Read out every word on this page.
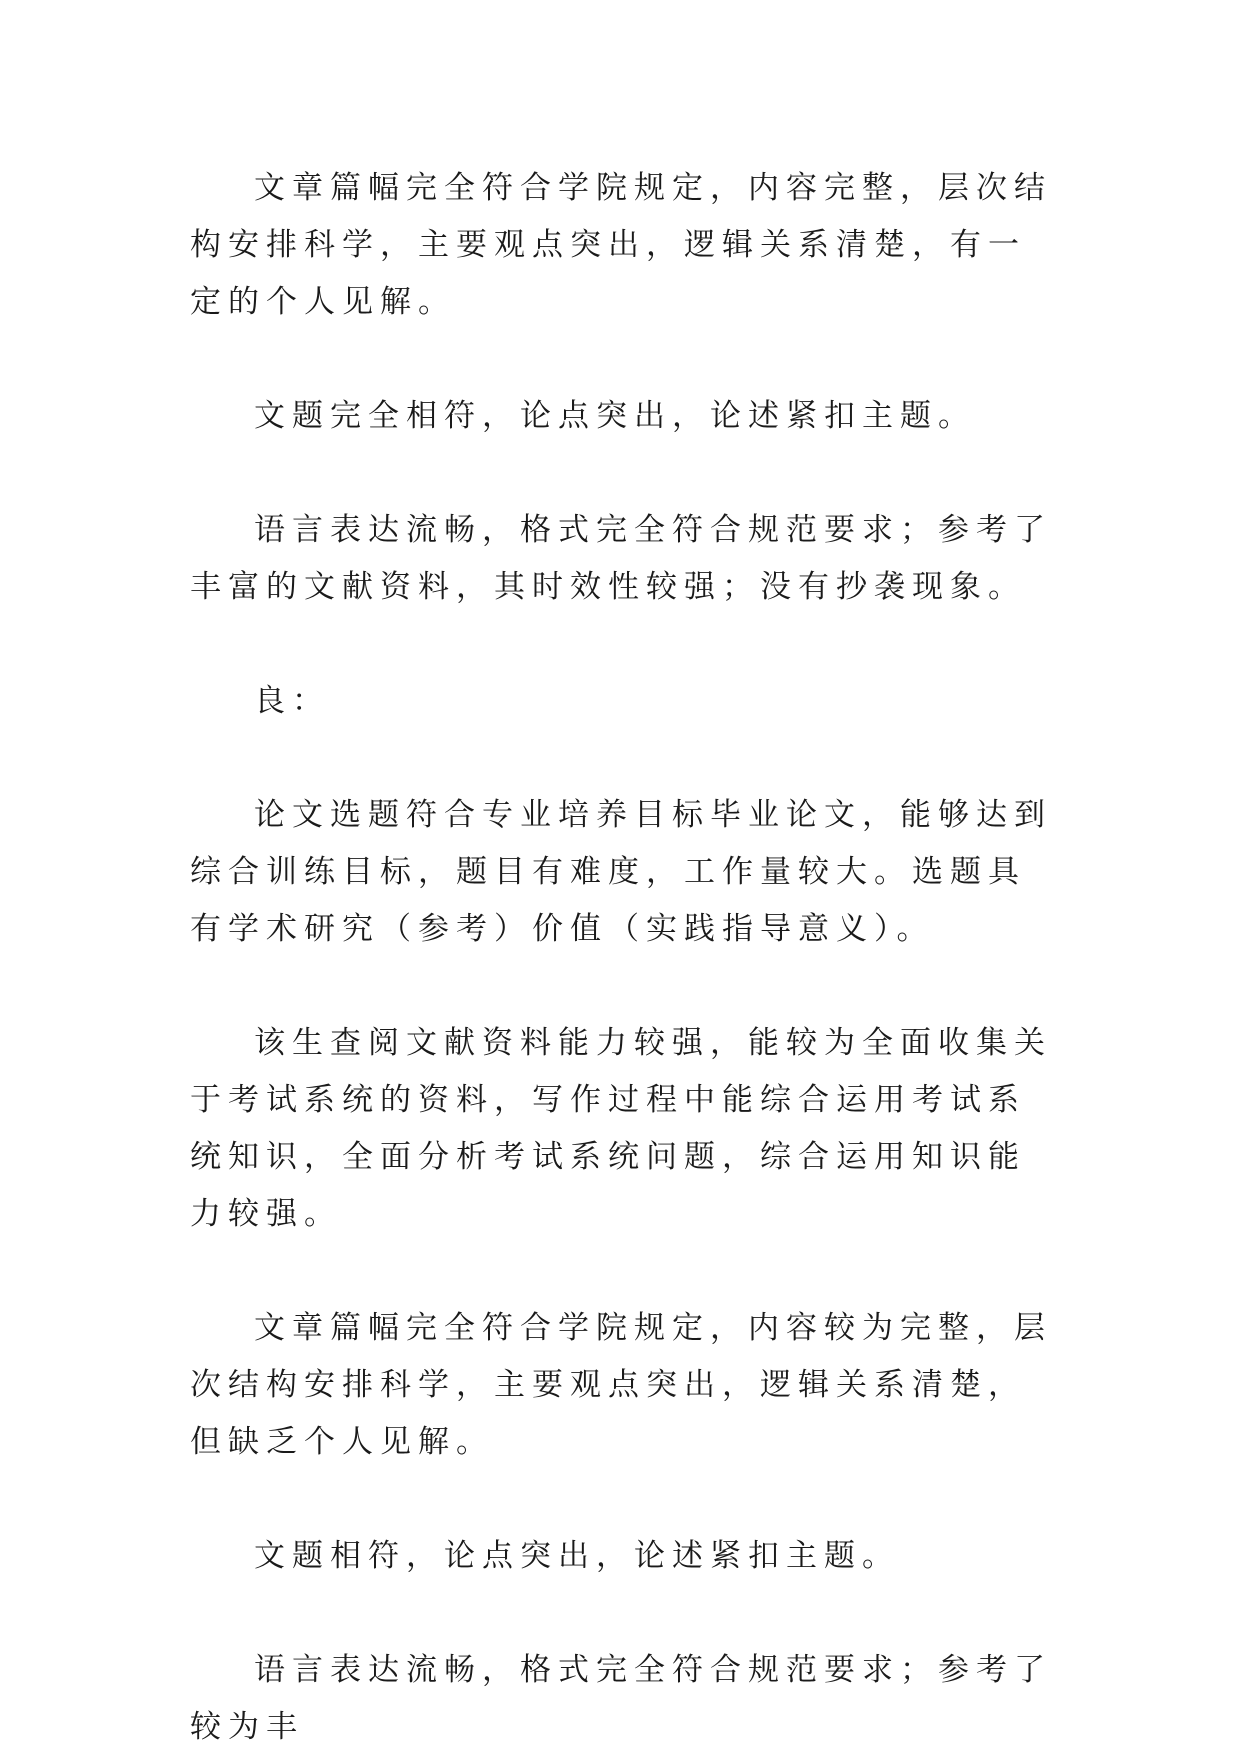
文章篇幅完全符合学院规定，内容完整，层次结构安排科学，主要观点突出，逻辑关系清楚，有一定的个人见解。

文题完全相符，论点突出，论述紧扣主题。

语言表达流畅，格式完全符合规范要求；参考了丰富的文献资料，其时效性较强；没有抄袭现象。

良：

论文选题符合专业培养目标毕业论文，能够达到综合训练目标，题目有难度，工作量较大。选题具有学术研究（参考）价值（实践指导意义）。

该生查阅文献资料能力较强，能较为全面收集关于考试系统的资料，写作过程中能综合运用考试系统知识，全面分析考试系统问题，综合运用知识能力较强。

文章篇幅完全符合学院规定，内容较为完整，层次结构安排科学，主要观点突出，逻辑关系清楚，但缺乏个人见解。

文题相符，论点突出，论述紧扣主题。

语言表达流畅，格式完全符合规范要求；参考了较为丰
